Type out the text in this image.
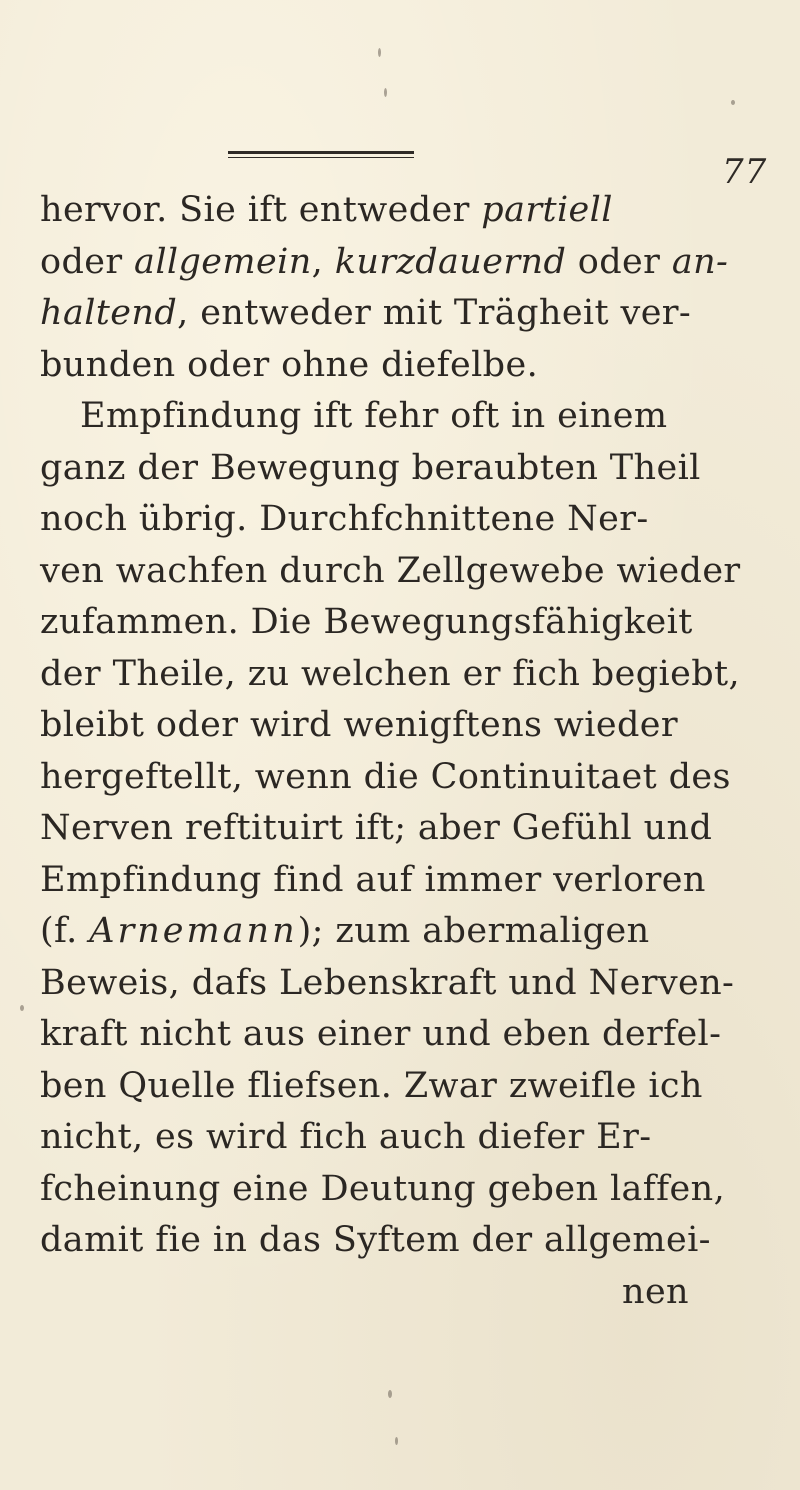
77
hervor. Sie ift entweder partiell
oder allgemein, kurzdauernd oder an-
haltend, entweder mit Trägheit ver-
bunden oder ohne diefelbe.
Empfindung ift fehr oft in einem
ganz der Bewegung beraubten Theil
noch übrig. Durchfchnittene Ner-
ven wachfen durch Zellgewebe wieder
zufammen. Die Bewegungsfähigkeit
der Theile, zu welchen er fich begiebt,
bleibt oder wird wenigftens wieder
hergeftellt, wenn die Continuitaet des
Nerven reftituirt ift; aber Gefühl und
Empfindung find auf immer verloren
(f. Arnemann); zum abermaligen
Beweis, dafs Lebenskraft und Nerven-
kraft nicht aus einer und eben derfel-
ben Quelle fliefsen. Zwar zweifle ich
nicht, es wird fich auch diefer Er-
fcheinung eine Deutung geben laffen,
damit fie in das Syftem der allgemei-
nen
